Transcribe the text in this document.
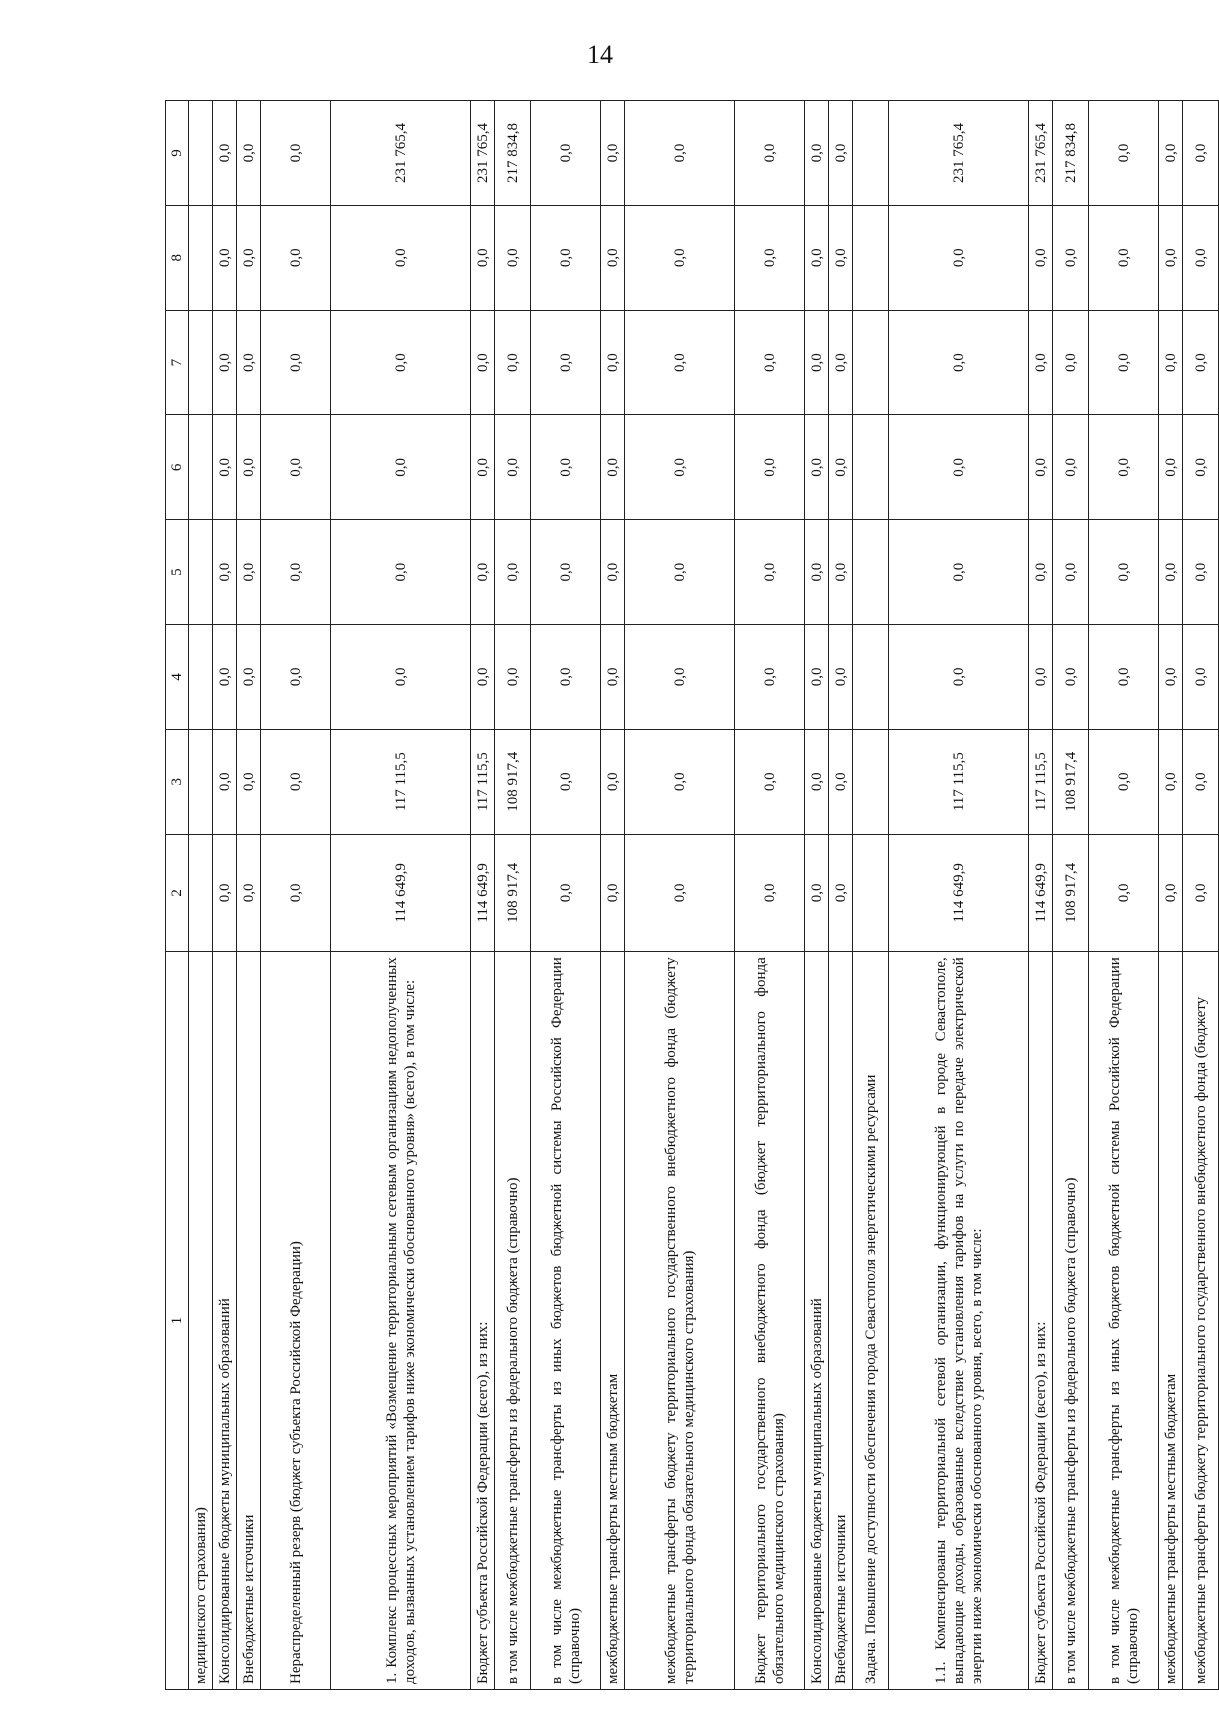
14
1	2	3	4	5	6	7	8	9
медицинского страхования)								
Консолидированные бюджеты муниципальных образований	0,0	0,0	0,0	0,0	0,0	0,0	0,0	0,0
Внебюджетные источники	0,0	0,0	0,0	0,0	0,0	0,0	0,0	0,0
Нераспределенный резерв (бюджет субъекта Российской Федерации)	0,0	0,0	0,0	0,0	0,0	0,0	0,0	0,0
1. Комплекс процессных мероприятий «Возмещение территориальным сетевым организациям недополученных доходов, вызванных установлением тарифов ниже экономически обоснованного уровня» (всего), в том числе:	114 649,9	117 115,5	0,0	0,0	0,0	0,0	0,0	231 765,4
Бюджет субъекта Российской Федерации (всего), из них:	114 649,9	117 115,5	0,0	0,0	0,0	0,0	0,0	231 765,4
в том числе межбюджетные трансферты из федерального бюджета (справочно)	108 917,4	108 917,4	0,0	0,0	0,0	0,0	0,0	217 834,8
в том числе межбюджетные трансферты из иных бюджетов бюджетной системы Российской Федерации (справочно)	0,0	0,0	0,0	0,0	0,0	0,0	0,0	0,0
межбюджетные трансферты местным бюджетам	0,0	0,0	0,0	0,0	0,0	0,0	0,0	0,0
межбюджетные трансферты бюджету территориального государственного внебюджетного фонда (бюджету территориального фонда обязательного медицинского страхования)	0,0	0,0	0,0	0,0	0,0	0,0	0,0	0,0
Бюджет территориального государственного внебюджетного фонда (бюджет территориального фонда обязательного медицинского страхования)	0,0	0,0	0,0	0,0	0,0	0,0	0,0	0,0
Консолидированные бюджеты муниципальных образований	0,0	0,0	0,0	0,0	0,0	0,0	0,0	0,0
Внебюджетные источники	0,0	0,0	0,0	0,0	0,0	0,0	0,0	0,0
Задача. Повышение доступности обеспечения города Севастополя энергетическими ресурсами								
1.1. Компенсированы территориальной сетевой организации, функционирующей в городе Севастополе, выпадающие доходы, образованные вследствие установления тарифов на услуги по передаче электрической энергии ниже экономически обоснованного уровня, всего, в том числе:	114 649,9	117 115,5	0,0	0,0	0,0	0,0	0,0	231 765,4
Бюджет субъекта Российской Федерации (всего), из них:	114 649,9	117 115,5	0,0	0,0	0,0	0,0	0,0	231 765,4
в том числе межбюджетные трансферты из федерального бюджета (справочно)	108 917,4	108 917,4	0,0	0,0	0,0	0,0	0,0	217 834,8
в том числе межбюджетные трансферты из иных бюджетов бюджетной системы Российской Федерации (справочно)	0,0	0,0	0,0	0,0	0,0	0,0	0,0	0,0
межбюджетные трансферты местным бюджетам	0,0	0,0	0,0	0,0	0,0	0,0	0,0	0,0
межбюджетные трансферты бюджету территориального государственного внебюджетного фонда (бюджету	0,0	0,0	0,0	0,0	0,0	0,0	0,0	0,0
